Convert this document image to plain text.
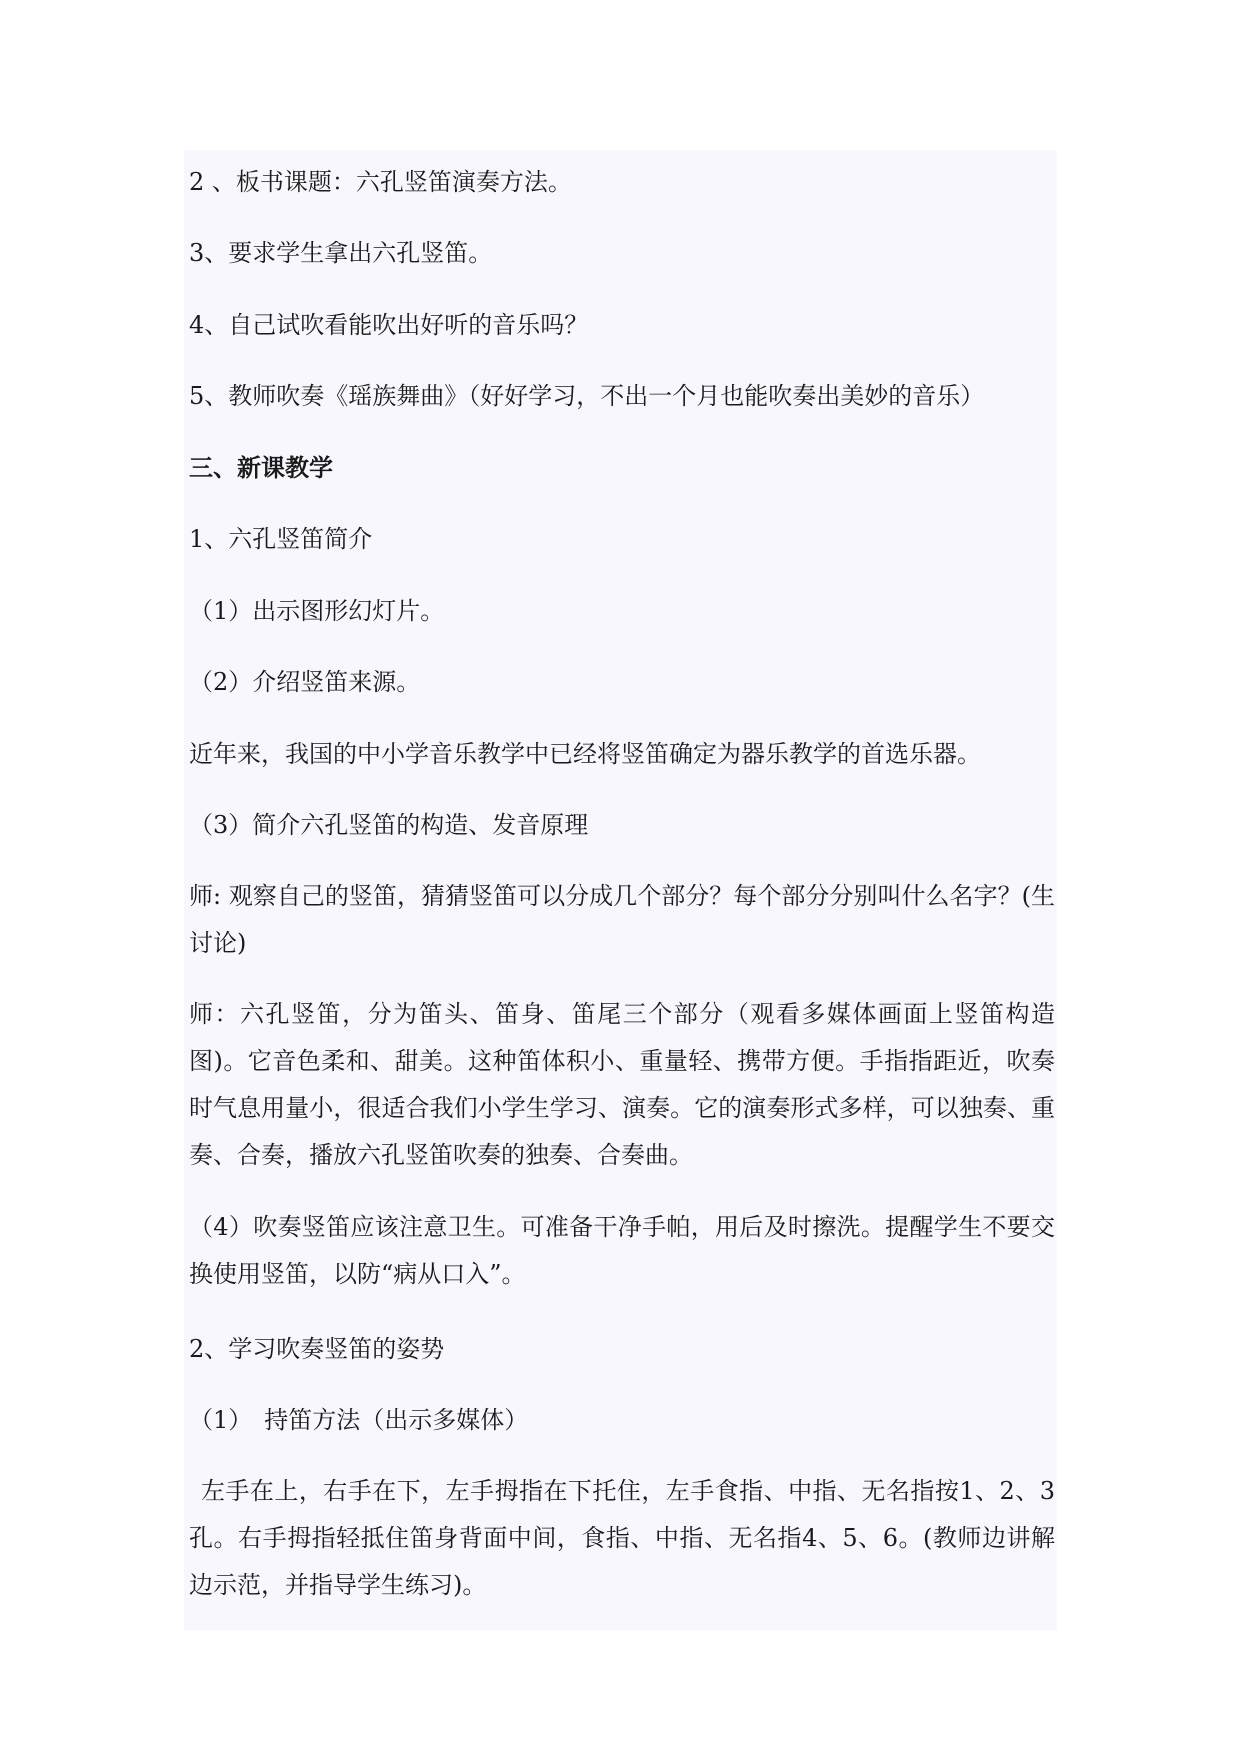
2 、板书课题：六孔竖笛演奏方法。
3、要求学生拿出六孔竖笛。
4、自己试吹看能吹出好听的音乐吗？
5、教师吹奏《瑶族舞曲》（好好学习，不出一个月也能吹奏出美妙的音乐）
三、新课教学
1、六孔竖笛简介
（1）出示图形幻灯片。
（2）介绍竖笛来源。
近年来，我国的中小学音乐教学中已经将竖笛确定为器乐教学的首选乐器。
（3）简介六孔竖笛的构造、发音原理
师: 观察自己的竖笛，猜猜竖笛可以分成几个部分？每个部分分别叫什么名字？(生讨论)
师：六孔竖笛，分为笛头、笛身、笛尾三个部分（观看多媒体画面上竖笛构造图)。它音色柔和、甜美。这种笛体积小、重量轻、携带方便。手指指距近，吹奏时气息用量小，很适合我们小学生学习、演奏。它的演奏形式多样，可以独奏、重奏、合奏，播放六孔竖笛吹奏的独奏、合奏曲。
（4）吹奏竖笛应该注意卫生。可准备干净手帕，用后及时擦洗。提醒学生不要交换使用竖笛，以防“病从口入”。
2、学习吹奏竖笛的姿势
（1）　持笛方法（出示多媒体）
左手在上，右手在下，左手拇指在下托住，左手食指、中指、无名指按1、2、3孔。右手拇指轻抵住笛身背面中间，食指、中指、无名指4、5、6。(教师边讲解边示范，并指导学生练习)。
